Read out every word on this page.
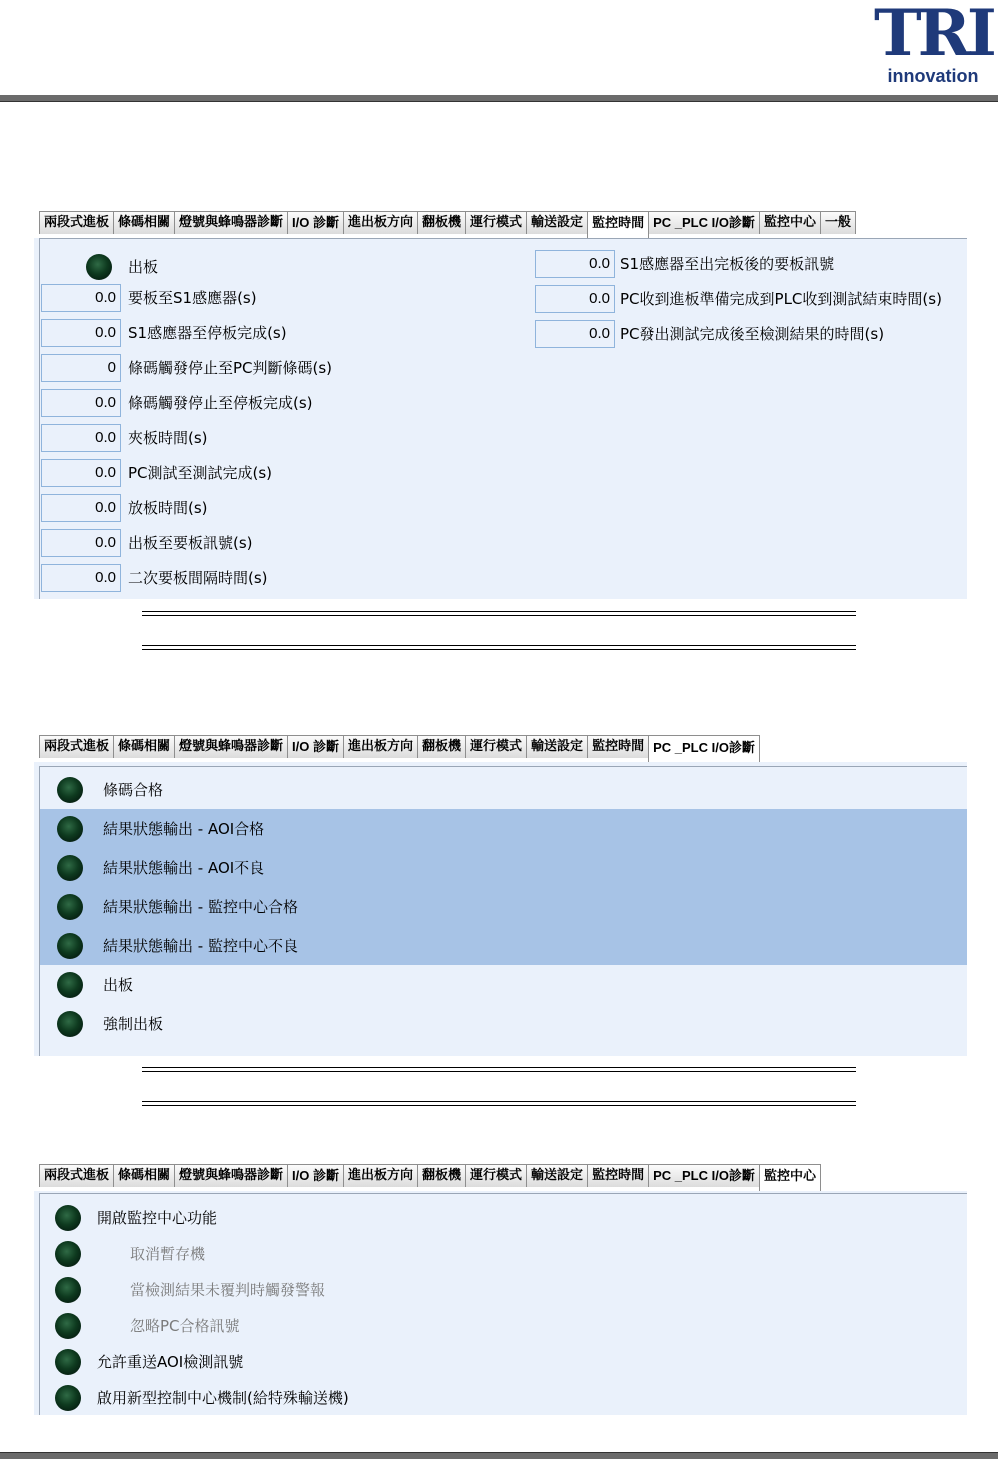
TRI
innovation
兩段式進板 條碼相關 燈號與蜂鳴器診斷 I/O 診斷 進出板方向 翻板機 運行模式 輸送設定 監控時間 PC _PLC I/O診斷 監控中心 一般
出板
0.0 要板至S1感應器(s)
0.0 S1感應器至停板完成(s)
0 條碼觸發停止至PC判斷條碼(s)
0.0 條碼觸發停止至停板完成(s)
0.0 夾板時間(s)
0.0 PC測試至測試完成(s)
0.0 放板時間(s)
0.0 出板至要板訊號(s)
0.0 二次要板間隔時間(s)
0.0 S1感應器至出完板後的要板訊號
0.0 PC收到進板準備完成到PLC收到測試結束時間(s)
0.0 PC發出測試完成後至檢測結果的時間(s)
兩段式進板 條碼相關 燈號與蜂鳴器診斷 I/O 診斷 進出板方向 翻板機 運行模式 輸送設定 監控時間 PC _PLC I/O診斷
條碼合格
結果狀態輸出 - AOI合格
結果狀態輸出 - AOI不良
結果狀態輸出 - 監控中心合格
結果狀態輸出 - 監控中心不良
出板
強制出板
兩段式進板 條碼相關 燈號與蜂鳴器診斷 I/O 診斷 進出板方向 翻板機 運行模式 輸送設定 監控時間 PC _PLC I/O診斷 監控中心
開啟監控中心功能
取消暫存機
當檢測結果未覆判時觸發警報
忽略PC合格訊號
允許重送AOI檢測訊號
啟用新型控制中心機制(給特殊輸送機)
